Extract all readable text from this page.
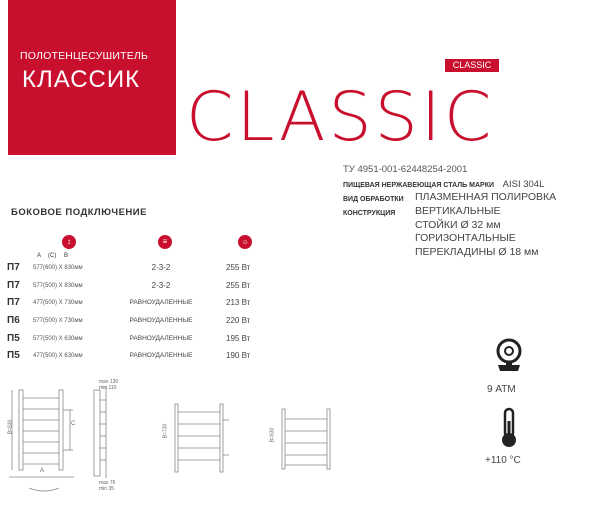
ПОЛОТЕНЦЕСУШИТЕЛЬ
КЛАССИК
CLASSIC
CLASSIC
ТУ 4951-001-62448254-2001
ПИЩЕВАЯ НЕРЖАВЕЮЩАЯ СТАЛЬ МАРКИ AISI 304L
ВИД ОБРАБОТКИ ПЛАЗМЕННАЯ ПОЛИРОВКА
КОНСТРУКЦИЯ ВЕРТИКАЛЬНЫЕ
СТОЙКИ Ø 32 мм
ГОРИЗОНТАЛЬНЫЕ
ПЕРЕКЛАДИНЫ Ø 18 мм
БОКОВОЕ ПОДКЛЮЧЕНИЕ
↕	≡	☼
A (C) B
П7 577(600) X 830мм	2-3-2	255 Вт
П7 577(500) X 830мм	2-3-2	255 Вт
П7 477(500) X 730мм	РАВНОУДАЛЕННЫЕ	213 Вт
П6 577(500) X 730мм	РАВНОУДАЛЕННЫЕ	220 Вт
П5 577(500) X 630мм	РАВНОУДАЛЕННЫЕ	195 Вт
П5 477(500) X 630мм	РАВНОУДАЛЕННЫЕ	190 Вт
9 АТМ
+110 °C
B=830
A
C
max 130
min 110
max 76
min 35
B=730	B=630
